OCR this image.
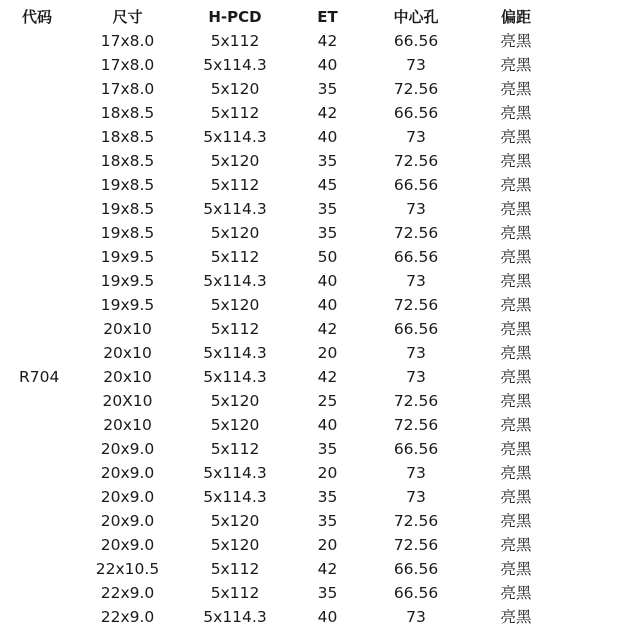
代码	尺寸	H-PCD	ET	中心孔	偏距
	17x8.0	5x112	42	66.56	亮黑
	17x8.0	5x114.3	40	73	亮黑
	17x8.0	5x120	35	72.56	亮黑
	18x8.5	5x112	42	66.56	亮黑
	18x8.5	5x114.3	40	73	亮黑
	18x8.5	5x120	35	72.56	亮黑
	19x8.5	5x112	45	66.56	亮黑
	19x8.5	5x114.3	35	73	亮黑
	19x8.5	5x120	35	72.56	亮黑
	19x9.5	5x112	50	66.56	亮黑
	19x9.5	5x114.3	40	73	亮黑
	19x9.5	5x120	40	72.56	亮黑
	20x10	5x112	42	66.56	亮黑
	20x10	5x114.3	20	73	亮黑
R704	20x10	5x114.3	42	73	亮黑
	20X10	5x120	25	72.56	亮黑
	20x10	5x120	40	72.56	亮黑
	20x9.0	5x112	35	66.56	亮黑
	20x9.0	5x114.3	20	73	亮黑
	20x9.0	5x114.3	35	73	亮黑
	20x9.0	5x120	35	72.56	亮黑
	20x9.0	5x120	20	72.56	亮黑
	22x10.5	5x112	42	66.56	亮黑
	22x9.0	5x112	35	66.56	亮黑
	22x9.0	5x114.3	40	73	亮黑
